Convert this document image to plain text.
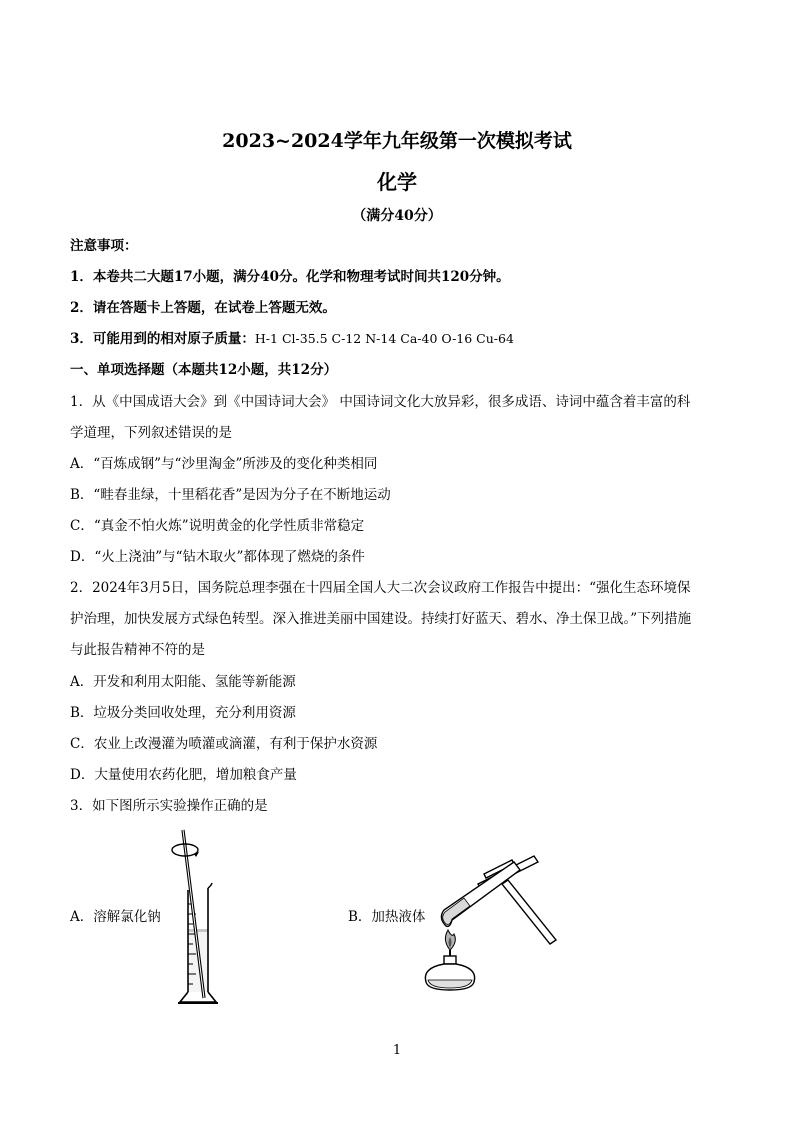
2023~2024学年九年级第一次模拟考试
化学
（满分40分）
注意事项：
1．本卷共二大题17小题，满分40分。化学和物理考试时间共120分钟。
2．请在答题卡上答题，在试卷上答题无效。
3．可能用到的相对原子质量：H-1 Cl-35.5 C-12 N-14 Ca-40 O-16 Cu-64
一、单项选择题（本题共12小题，共12分）
1．从《中国成语大会》到《中国诗词大会》 中国诗词文化大放异彩，很多成语、诗词中蕴含着丰富的科
学道理，下列叙述错误的是
A．“百炼成钢”与“沙里淘金”所涉及的变化种类相同
B．“畦春韭绿，十里稻花香”是因为分子在不断地运动
C．“真金不怕火炼”说明黄金的化学性质非常稳定
D．“火上浇油”与“钻木取火”都体现了燃烧的条件
2．2024年3月5日，国务院总理李强在十四届全国人大二次会议政府工作报告中提出：“强化生态环境保
护治理，加快发展方式绿色转型。深入推进美丽中国建设。持续打好蓝天、碧水、净土保卫战。”下列措施
与此报告精神不符的是
A．开发和利用太阳能、氢能等新能源
B．垃圾分类回收处理，充分利用资源
C．农业上改漫灌为喷灌或滴灌，有利于保护水资源
D．大量使用农药化肥，增加粮食产量
3．如下图所示实验操作正确的是
A．溶解氯化钠	B．加热液体
1
